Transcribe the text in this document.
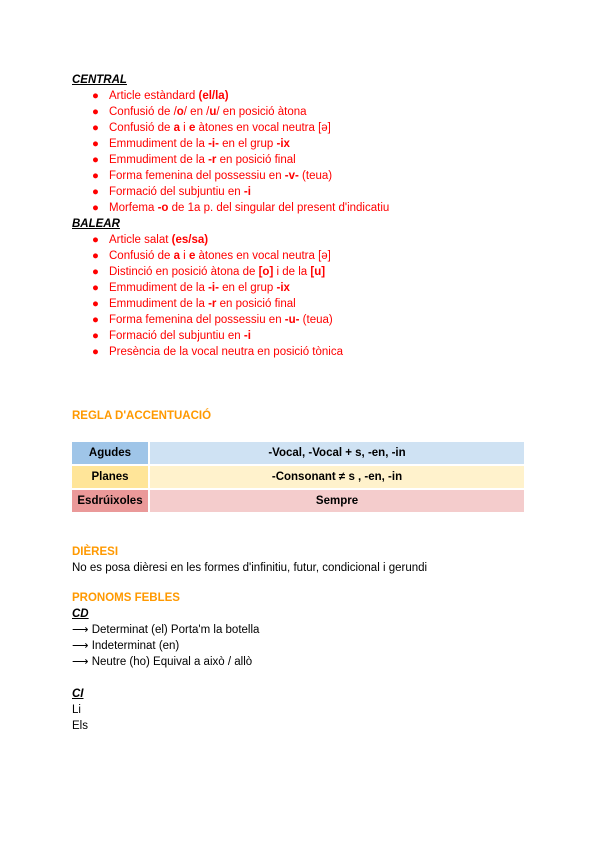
CENTRAL
● Article estàndard (el/la)
● Confusió de /o/ en /u/ en posició àtona
● Confusió de a i e àtones en vocal neutra [ə]
● Emmudiment de la -i- en el grup -ix
● Emmudiment de la -r en posició final
● Forma femenina del possessiu en -v- (teua)
● Formació del subjuntiu en -i
● Morfema -o de 1a p. del singular del present d'indicatiu
BALEAR
● Article salat (es/sa)
● Confusió de a i e àtones en vocal neutra [ə]
● Distinció en posició àtona de [o] i de la [u]
● Emmudiment de la -i- en el grup -ix
● Emmudiment de la -r en posició final
● Forma femenina del possessiu en -u- (teua)
● Formació del subjuntiu en -i
● Presència de la vocal neutra en posició tònica
REGLA D'ACCENTUACIÓ
Agudes	-Vocal, -Vocal + s, -en, -in
Planes	-Consonant ≠ s , -en, -in
Esdrúixoles	Sempre
DIÈRESI
No es posa dièresi en les formes d'infinitiu, futur, condicional i gerundi
PRONOMS FEBLES
CD
⟶ Determinat (el) Porta'm la botella
⟶ Indeterminat (en)
⟶ Neutre (ho) Equival a això / allò
CI
Li
Els
